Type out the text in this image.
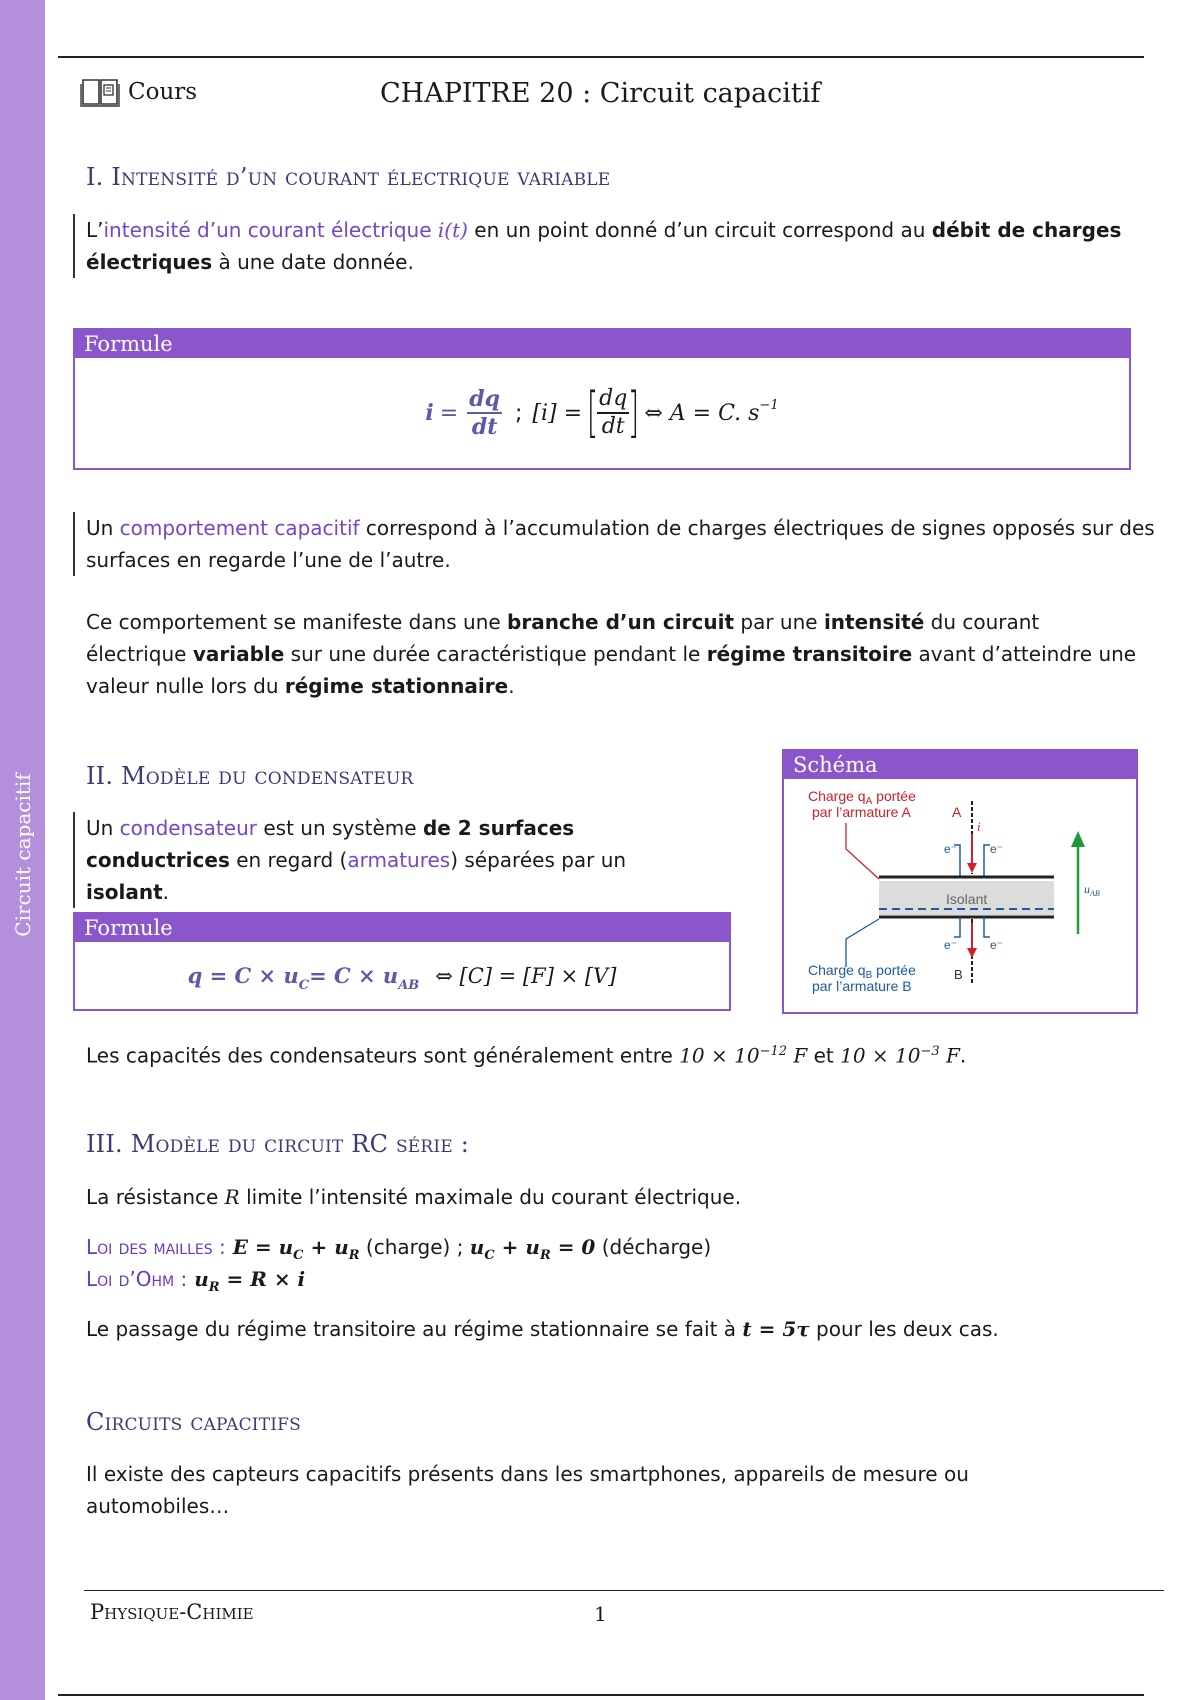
Circuit capacitif
Cours	CHAPITRE 20 : Circuit capacitif
I. Intensité d’un courant électrique variable
L’intensité d’un courant électrique i(t) en un point donné d’un circuit correspond au débit de charges électriques à une date donnée.
Formule
$i = \frac{dq}{dt}$ ; [i] = [
$\frac{dq}{dt}$
] ⇔ A = C. $s^{-1}$
Un comportement capacitif correspond à l’accumulation de charges électriques de signes opposés sur des surfaces en regarde l’une de l’autre.
Ce comportement se manifeste dans une branche d’un circuit par une intensité du courant électrique variable sur une durée caractéristique pendant le régime transitoire avant d’atteindre une valeur nulle lors du régime stationnaire.
II. Modèle du condensateur
Un condensateur est un système de 2 surfaces conductrices en regard (armatures) séparées par un isolant.
Formule
$q = C \times u_C = C \times u_{AB}$ ⇔ [C] = [F] × [V]
Schéma
Charge $q_A$ portée
par l’armature A	A
i
e⁻	e⁻
Isolant
e⁻	e⁻
B
Charge $q_B$ portée
par l’armature B
$u_{AB}$
Les capacités des condensateurs sont généralement entre $10 \times 10^{-12}$ F et $10 \times 10^{-3}$ F.
III. Modèle du circuit RC série :
La résistance R limite l’intensité maximale du courant électrique.
Loi des mailles : $E = u_C + u_R$ (charge) ; $u_C + u_R = 0$ (décharge)
Loi d’Ohm : $u_R = R \times i$
Le passage du régime transitoire au régime stationnaire se fait à t = 5τ pour les deux cas.
Circuits capacitifs
Il existe des capteurs capacitifs présents dans les smartphones, appareils de mesure ou automobiles…
Physique-Chimie	1
